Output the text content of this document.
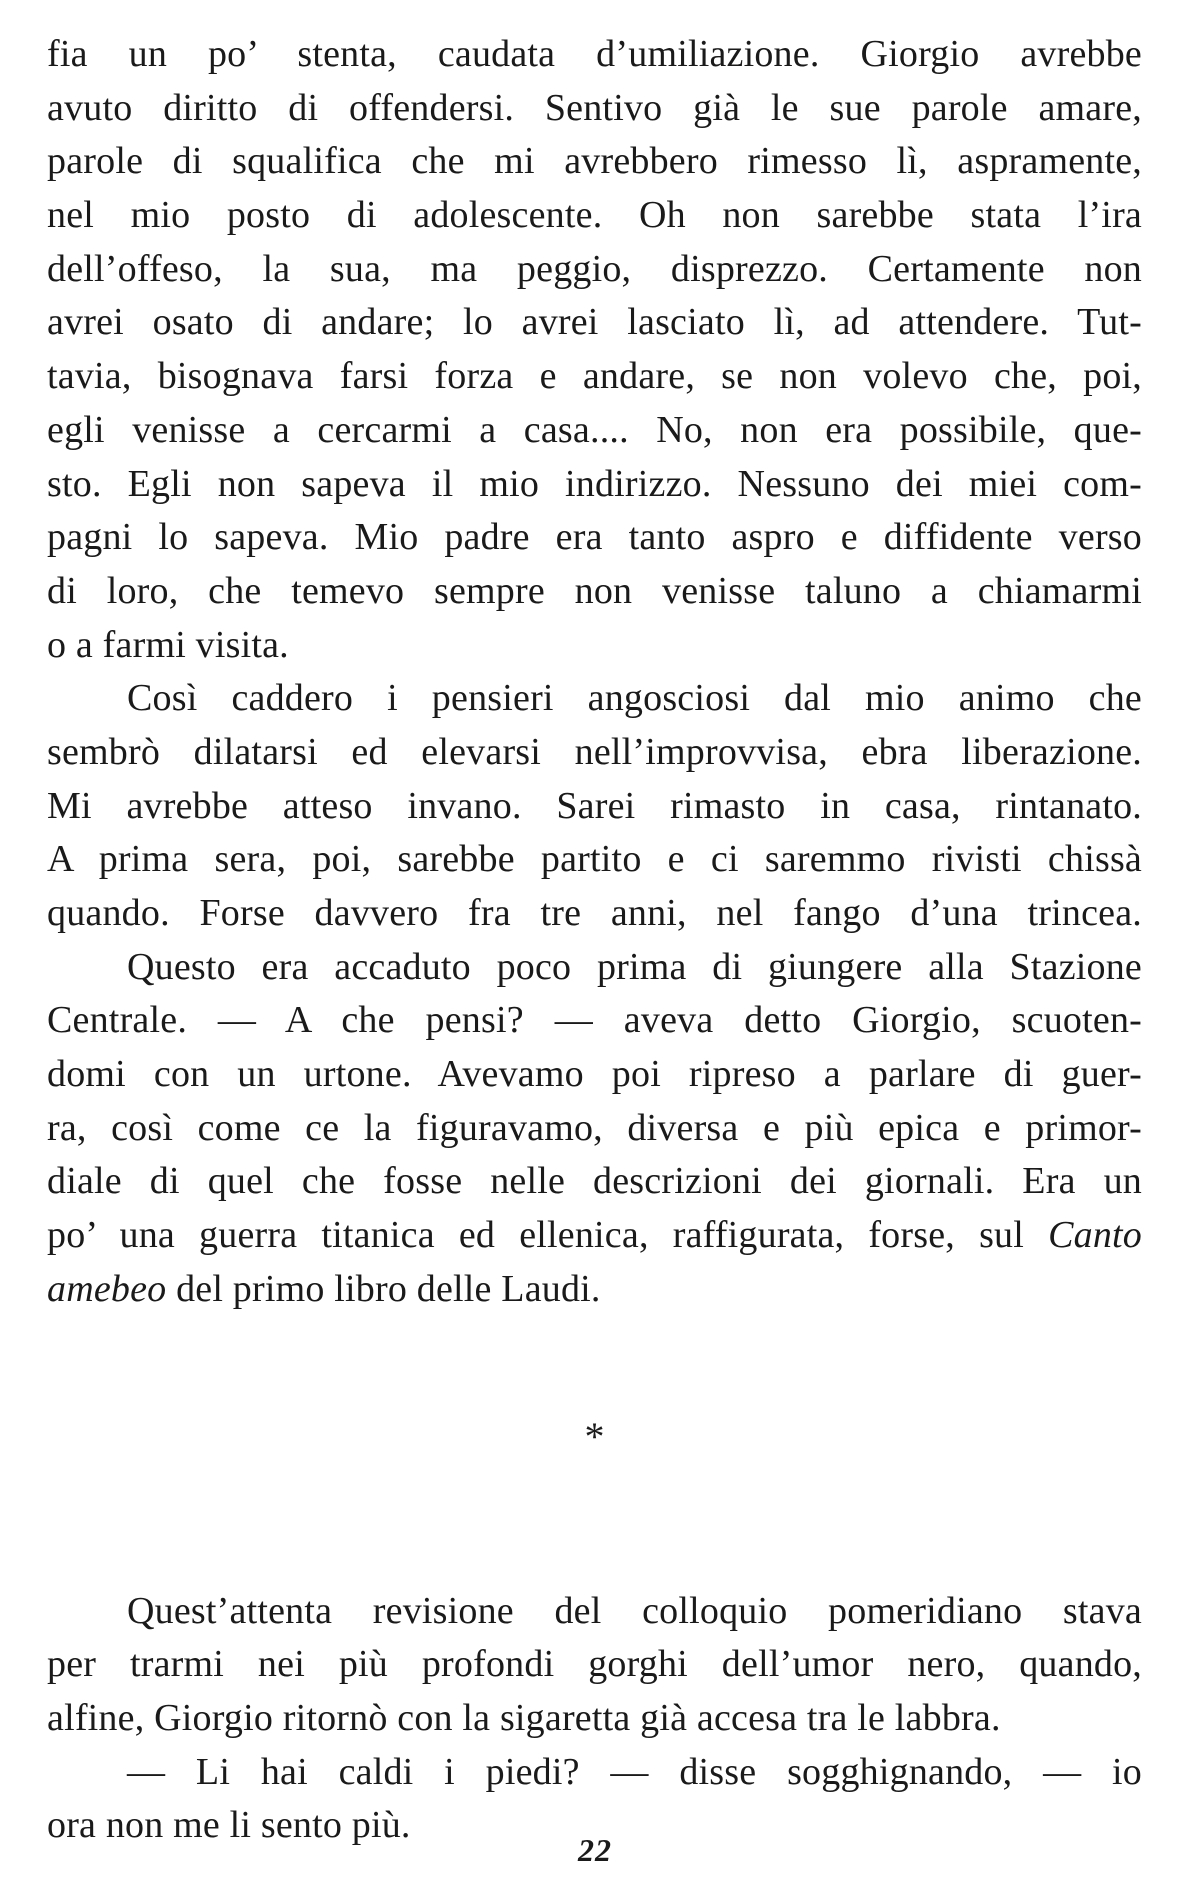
fia un po’ stenta, caudata d’umiliazione. Giorgio avrebbe
avuto diritto di offendersi. Sentivo già le sue parole amare,
parole di squalifica che mi avrebbero rimesso lì, aspramente,
nel mio posto di adolescente. Oh non sarebbe stata l’ira
dell’offeso, la sua, ma peggio, disprezzo. Certamente non
avrei osato di andare; lo avrei lasciato lì, ad attendere. Tut-
tavia, bisognava farsi forza e andare, se non volevo che, poi,
egli venisse a cercarmi a casa.... No, non era possibile, que-
sto. Egli non sapeva il mio indirizzo. Nessuno dei miei com-
pagni lo sapeva. Mio padre era tanto aspro e diffidente verso
di loro, che temevo sempre non venisse taluno a chiamarmi
o a farmi visita.
Così caddero i pensieri angosciosi dal mio animo che
sembrò dilatarsi ed elevarsi nell’improvvisa, ebra liberazione.
Mi avrebbe atteso invano. Sarei rimasto in casa, rintanato.
A prima sera, poi, sarebbe partito e ci saremmo rivisti chissà
quando. Forse davvero fra tre anni, nel fango d’una trincea.
Questo era accaduto poco prima di giungere alla Stazione
Centrale. — A che pensi? — aveva detto Giorgio, scuoten-
domi con un urtone. Avevamo poi ripreso a parlare di guer-
ra, così come ce la figuravamo, diversa e più epica e primor-
diale di quel che fosse nelle descrizioni dei giornali. Era un
po’ una guerra titanica ed ellenica, raffigurata, forse, sul Canto
amebeo del primo libro delle Laudi.
*
Quest’attenta revisione del colloquio pomeridiano stava
per trarmi nei più profondi gorghi dell’umor nero, quando,
alfine, Giorgio ritornò con la sigaretta già accesa tra le labbra.
— Li hai caldi i piedi? — disse sogghignando, — io
ora non me li sento più.
22
